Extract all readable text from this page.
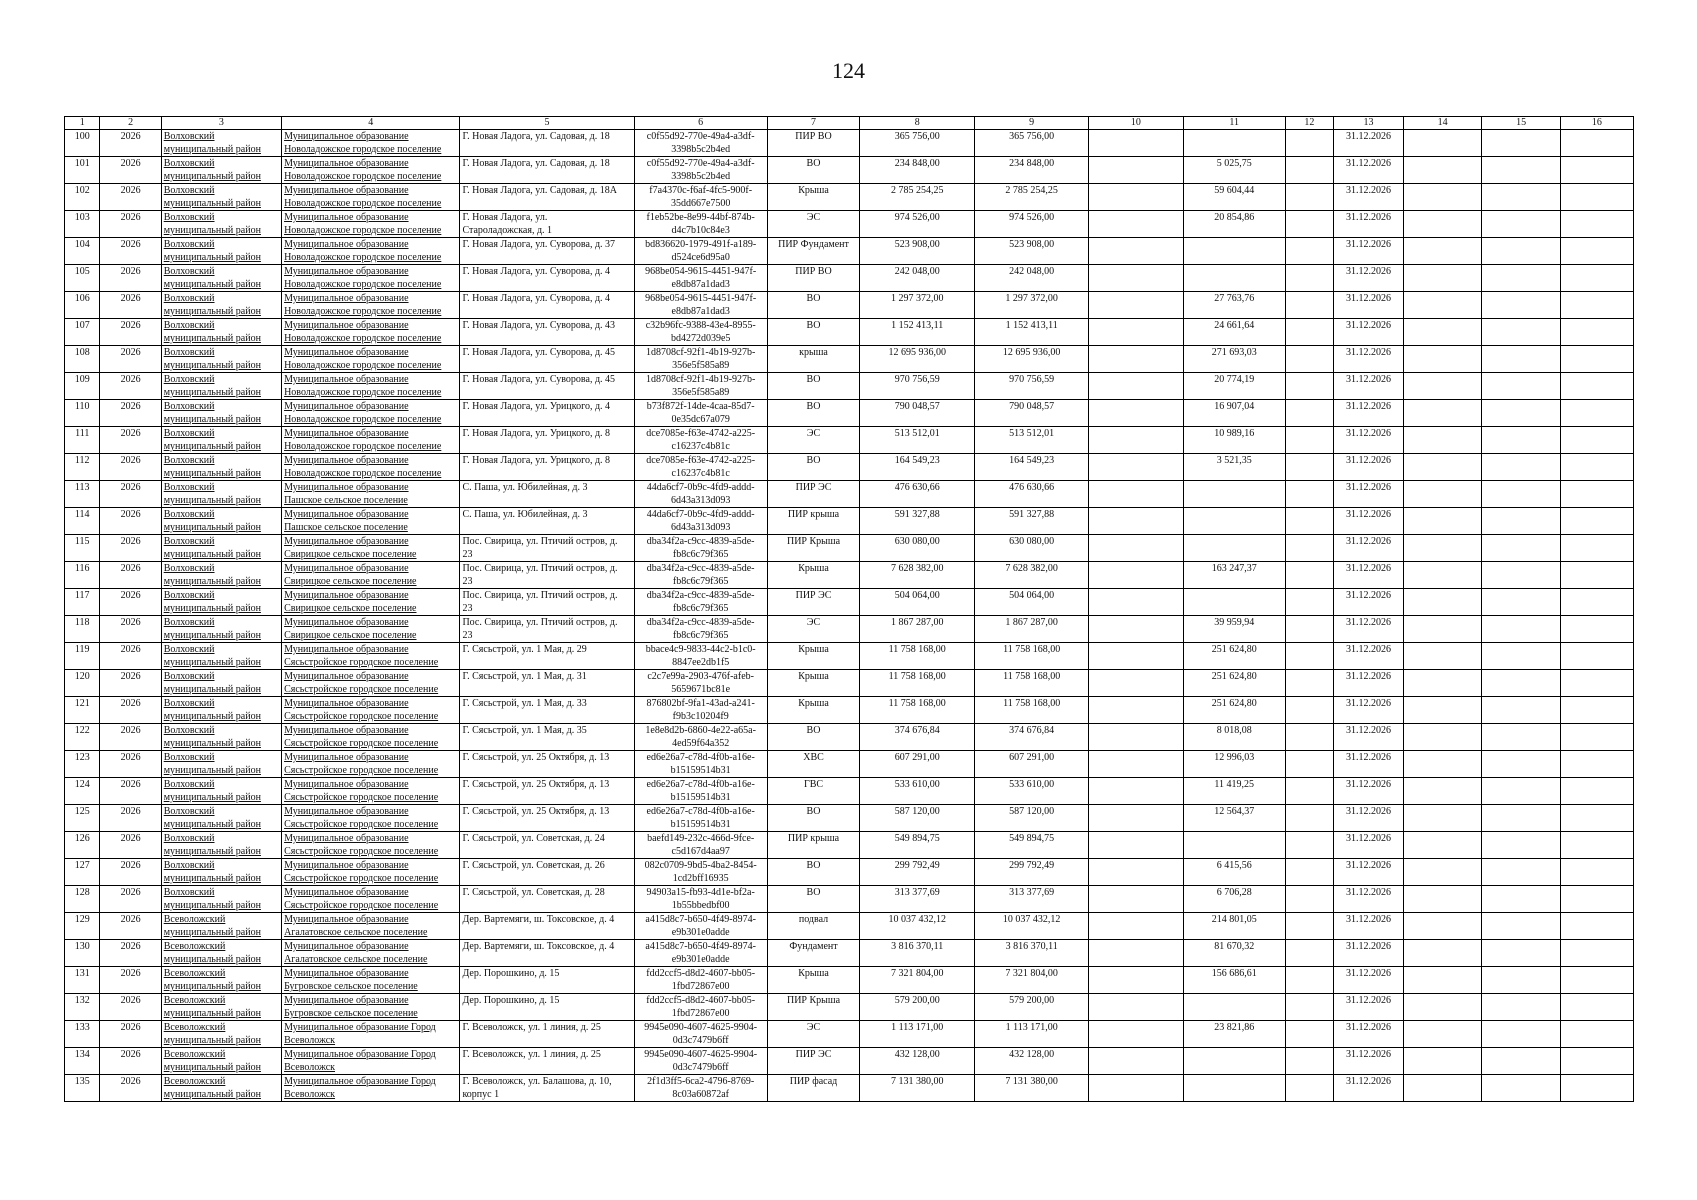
124
1	2	3	4	5	6	7	8	9	10	11	12	13	14	15	16
100	2026	Волховский
муниципальный район	Муниципальное образование
Новоладожское городское поселение	Г. Новая Ладога, ул. Садовая, д. 18	c0f55d92-770e-49a4-a3df-
3398b5c2b4ed	ПИР ВО	365 756,00	365 756,00				31.12.2026			
101	2026	Волховский
муниципальный район	Муниципальное образование
Новоладожское городское поселение	Г. Новая Ладога, ул. Садовая, д. 18	c0f55d92-770e-49a4-a3df-
3398b5c2b4ed	ВО	234 848,00	234 848,00		5 025,75		31.12.2026			
102	2026	Волховский
муниципальный район	Муниципальное образование
Новоладожское городское поселение	Г. Новая Ладога, ул. Садовая, д. 18А	f7a4370c-f6af-4fc5-900f-
35dd667e7500	Крыша	2 785 254,25	2 785 254,25		59 604,44		31.12.2026			
103	2026	Волховский
муниципальный район	Муниципальное образование
Новоладожское городское поселение	Г. Новая Ладога, ул.
Староладожская, д. 1	f1eb52be-8e99-44bf-874b-
d4c7b10c84e3	ЭС	974 526,00	974 526,00		20 854,86		31.12.2026			
104	2026	Волховский
муниципальный район	Муниципальное образование
Новоладожское городское поселение	Г. Новая Ладога, ул. Суворова, д. 37	bd836620-1979-491f-a189-
d524ce6d95a0	ПИР Фундамент	523 908,00	523 908,00				31.12.2026			
105	2026	Волховский
муниципальный район	Муниципальное образование
Новоладожское городское поселение	Г. Новая Ладога, ул. Суворова, д. 4	968be054-9615-4451-947f-
e8db87a1dad3	ПИР ВО	242 048,00	242 048,00				31.12.2026			
106	2026	Волховский
муниципальный район	Муниципальное образование
Новоладожское городское поселение	Г. Новая Ладога, ул. Суворова, д. 4	968be054-9615-4451-947f-
e8db87a1dad3	ВО	1 297 372,00	1 297 372,00		27 763,76		31.12.2026			
107	2026	Волховский
муниципальный район	Муниципальное образование
Новоладожское городское поселение	Г. Новая Ладога, ул. Суворова, д. 43	c32b96fc-9388-43e4-8955-
bd4272d039e5	ВО	1 152 413,11	1 152 413,11		24 661,64		31.12.2026			
108	2026	Волховский
муниципальный район	Муниципальное образование
Новоладожское городское поселение	Г. Новая Ладога, ул. Суворова, д. 45	1d8708cf-92f1-4b19-927b-
356e5f585a89	крыша	12 695 936,00	12 695 936,00		271 693,03		31.12.2026			
109	2026	Волховский
муниципальный район	Муниципальное образование
Новоладожское городское поселение	Г. Новая Ладога, ул. Суворова, д. 45	1d8708cf-92f1-4b19-927b-
356e5f585a89	ВО	970 756,59	970 756,59		20 774,19		31.12.2026			
110	2026	Волховский
муниципальный район	Муниципальное образование
Новоладожское городское поселение	Г. Новая Ладога, ул. Урицкого, д. 4	b73f872f-14de-4caa-85d7-
0e35dc67a079	ВО	790 048,57	790 048,57		16 907,04		31.12.2026			
111	2026	Волховский
муниципальный район	Муниципальное образование
Новоладожское городское поселение	Г. Новая Ладога, ул. Урицкого, д. 8	dce7085e-f63e-4742-a225-
c16237c4b81c	ЭС	513 512,01	513 512,01		10 989,16		31.12.2026			
112	2026	Волховский
муниципальный район	Муниципальное образование
Новоладожское городское поселение	Г. Новая Ладога, ул. Урицкого, д. 8	dce7085e-f63e-4742-a225-
c16237c4b81c	ВО	164 549,23	164 549,23		3 521,35		31.12.2026			
113	2026	Волховский
муниципальный район	Муниципальное образование
Пашское сельское поселение	С. Паша, ул. Юбилейная, д. 3	44da6cf7-0b9c-4fd9-addd-
6d43a313d093	ПИР ЭС	476 630,66	476 630,66				31.12.2026			
114	2026	Волховский
муниципальный район	Муниципальное образование
Пашское сельское поселение	С. Паша, ул. Юбилейная, д. 3	44da6cf7-0b9c-4fd9-addd-
6d43a313d093	ПИР крыша	591 327,88	591 327,88				31.12.2026			
115	2026	Волховский
муниципальный район	Муниципальное образование
Свирицкое сельское поселение	Пос. Свирица, ул. Птичий остров, д.
23	dba34f2a-c9cc-4839-a5de-
fb8c6c79f365	ПИР Крыша	630 080,00	630 080,00				31.12.2026			
116	2026	Волховский
муниципальный район	Муниципальное образование
Свирицкое сельское поселение	Пос. Свирица, ул. Птичий остров, д.
23	dba34f2a-c9cc-4839-a5de-
fb8c6c79f365	Крыша	7 628 382,00	7 628 382,00		163 247,37		31.12.2026			
117	2026	Волховский
муниципальный район	Муниципальное образование
Свирицкое сельское поселение	Пос. Свирица, ул. Птичий остров, д.
23	dba34f2a-c9cc-4839-a5de-
fb8c6c79f365	ПИР ЭС	504 064,00	504 064,00				31.12.2026			
118	2026	Волховский
муниципальный район	Муниципальное образование
Свирицкое сельское поселение	Пос. Свирица, ул. Птичий остров, д.
23	dba34f2a-c9cc-4839-a5de-
fb8c6c79f365	ЭС	1 867 287,00	1 867 287,00		39 959,94		31.12.2026			
119	2026	Волховский
муниципальный район	Муниципальное образование
Сясьстройское городское поселение	Г. Сясьстрой, ул. 1 Мая, д. 29	bbace4c9-9833-44c2-b1c0-
8847ee2db1f5	Крыша	11 758 168,00	11 758 168,00		251 624,80		31.12.2026			
120	2026	Волховский
муниципальный район	Муниципальное образование
Сясьстройское городское поселение	Г. Сясьстрой, ул. 1 Мая, д. 31	c2c7e99a-2903-476f-afeb-
5659671bc81e	Крыша	11 758 168,00	11 758 168,00		251 624,80		31.12.2026			
121	2026	Волховский
муниципальный район	Муниципальное образование
Сясьстройское городское поселение	Г. Сясьстрой, ул. 1 Мая, д. 33	876802bf-9fa1-43ad-a241-
f9b3c10204f9	Крыша	11 758 168,00	11 758 168,00		251 624,80		31.12.2026			
122	2026	Волховский
муниципальный район	Муниципальное образование
Сясьстройское городское поселение	Г. Сясьстрой, ул. 1 Мая, д. 35	1e8e8d2b-6860-4e22-a65a-
4ed59f64a352	ВО	374 676,84	374 676,84		8 018,08		31.12.2026			
123	2026	Волховский
муниципальный район	Муниципальное образование
Сясьстройское городское поселение	Г. Сясьстрой, ул. 25 Октября, д. 13	ed6e26a7-c78d-4f0b-a16e-
b15159514b31	ХВС	607 291,00	607 291,00		12 996,03		31.12.2026			
124	2026	Волховский
муниципальный район	Муниципальное образование
Сясьстройское городское поселение	Г. Сясьстрой, ул. 25 Октября, д. 13	ed6e26a7-c78d-4f0b-a16e-
b15159514b31	ГВС	533 610,00	533 610,00		11 419,25		31.12.2026			
125	2026	Волховский
муниципальный район	Муниципальное образование
Сясьстройское городское поселение	Г. Сясьстрой, ул. 25 Октября, д. 13	ed6e26a7-c78d-4f0b-a16e-
b15159514b31	ВО	587 120,00	587 120,00		12 564,37		31.12.2026			
126	2026	Волховский
муниципальный район	Муниципальное образование
Сясьстройское городское поселение	Г. Сясьстрой, ул. Советская, д. 24	baefd149-232c-466d-9fce-
c5d167d4aa97	ПИР крыша	549 894,75	549 894,75				31.12.2026			
127	2026	Волховский
муниципальный район	Муниципальное образование
Сясьстройское городское поселение	Г. Сясьстрой, ул. Советская, д. 26	082c0709-9bd5-4ba2-8454-
1cd2bff16935	ВО	299 792,49	299 792,49		6 415,56		31.12.2026			
128	2026	Волховский
муниципальный район	Муниципальное образование
Сясьстройское городское поселение	Г. Сясьстрой, ул. Советская, д. 28	94903a15-fb93-4d1e-bf2a-
1b55bbedbf00	ВО	313 377,69	313 377,69		6 706,28		31.12.2026			
129	2026	Всеволожский
муниципальный район	Муниципальное образование
Агалатовское сельское поселение	Дер. Вартемяги, ш. Токсовское, д. 4	a415d8c7-b650-4f49-8974-
e9b301e0adde	подвал	10 037 432,12	10 037 432,12		214 801,05		31.12.2026			
130	2026	Всеволожский
муниципальный район	Муниципальное образование
Агалатовское сельское поселение	Дер. Вартемяги, ш. Токсовское, д. 4	a415d8c7-b650-4f49-8974-
e9b301e0adde	Фундамент	3 816 370,11	3 816 370,11		81 670,32		31.12.2026			
131	2026	Всеволожский
муниципальный район	Муниципальное образование
Бугровское сельское поселение	Дер. Порошкино, д. 15	fdd2ccf5-d8d2-4607-bb05-
1fbd72867e00	Крыша	7 321 804,00	7 321 804,00		156 686,61		31.12.2026			
132	2026	Всеволожский
муниципальный район	Муниципальное образование
Бугровское сельское поселение	Дер. Порошкино, д. 15	fdd2ccf5-d8d2-4607-bb05-
1fbd72867e00	ПИР Крыша	579 200,00	579 200,00				31.12.2026			
133	2026	Всеволожский
муниципальный район	Муниципальное образование Город
Всеволожск	Г. Всеволожск, ул. 1 линия, д. 25	9945e090-4607-4625-9904-
0d3c7479b6ff	ЭС	1 113 171,00	1 113 171,00		23 821,86		31.12.2026			
134	2026	Всеволожский
муниципальный район	Муниципальное образование Город
Всеволожск	Г. Всеволожск, ул. 1 линия, д. 25	9945e090-4607-4625-9904-
0d3c7479b6ff	ПИР ЭС	432 128,00	432 128,00				31.12.2026			
135	2026	Всеволожский
муниципальный район	Муниципальное образование Город
Всеволожск	Г. Всеволожск, ул. Балашова, д. 10,
корпус 1	2f1d3ff5-6ca2-4796-8769-
8c03a60872af	ПИР фасад	7 131 380,00	7 131 380,00				31.12.2026			
